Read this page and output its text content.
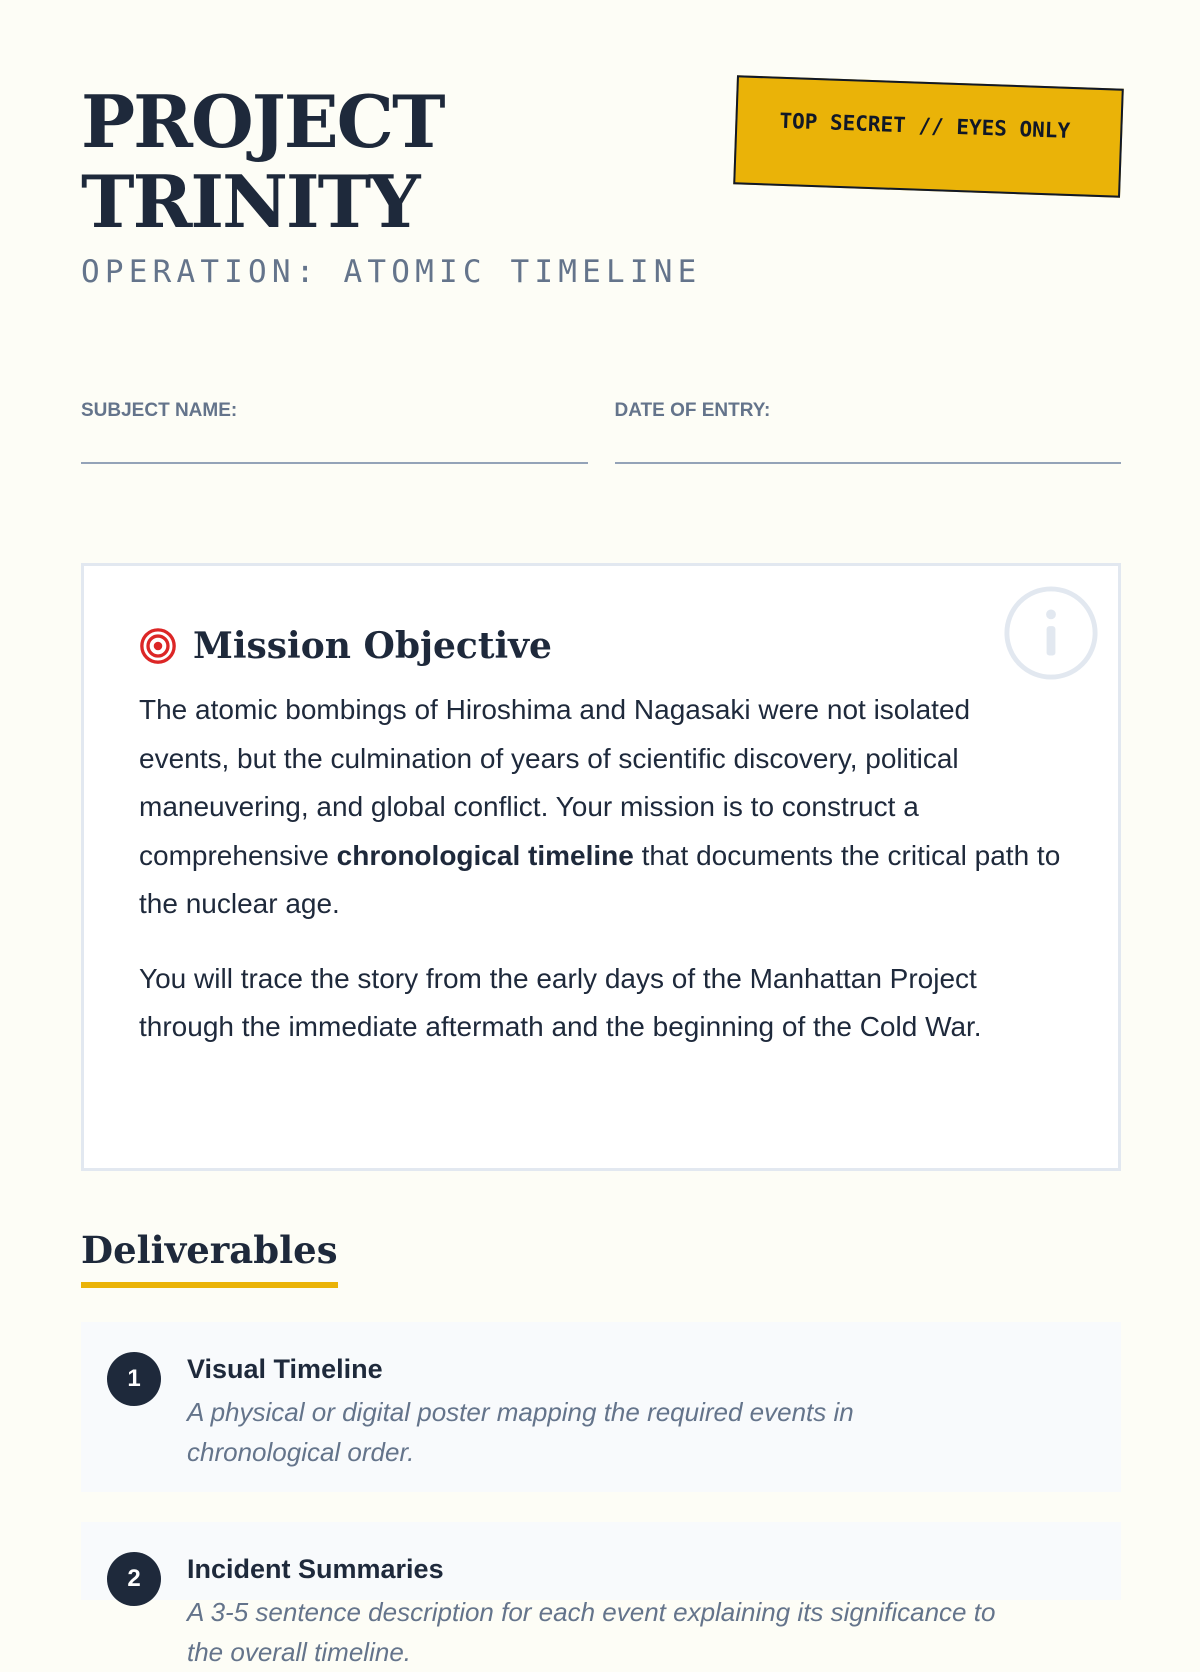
PROJECT TRINITY
OPERATION: ATOMIC TIMELINE
TOP SECRET // EYES ONLY
SUBJECT NAME:	DATE OF ENTRY:
Mission Objective

The atomic bombings of Hiroshima and Nagasaki were not isolated events, but the culmination of years of scientific discovery, political maneuvering, and global conflict. Your mission is to construct a comprehensive chronological timeline that documents the critical path to the nuclear age.

You will trace the story from the early days of the Manhattan Project through the immediate aftermath and the beginning of the Cold War.

Deliverables
1	Visual Timeline
A physical or digital poster mapping the required events in chronological order.
2	Incident Summaries
A 3-5 sentence description for each event explaining its significance to the overall timeline.
